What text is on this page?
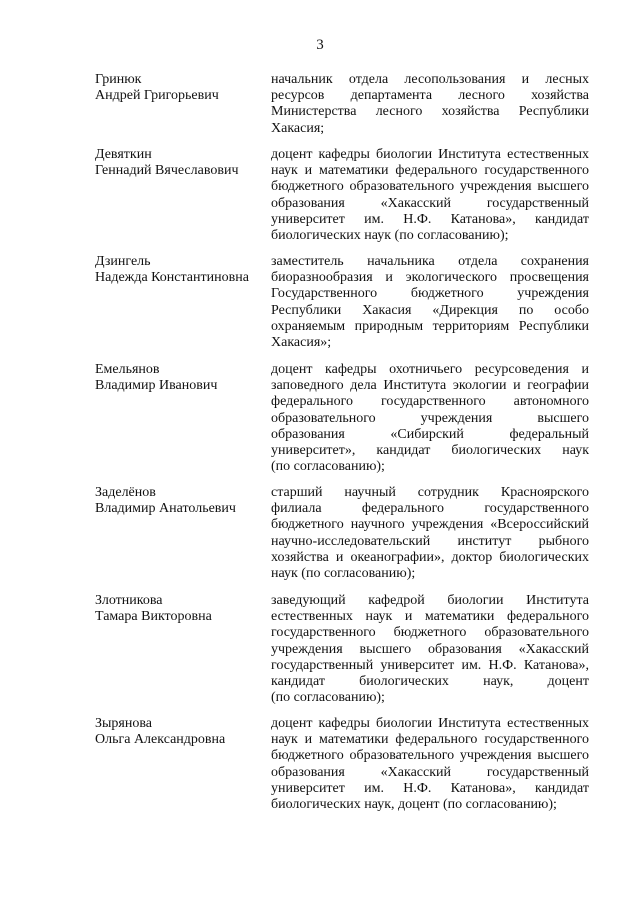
3
Гринюк
Андрей Григорьевич
начальник отдела лесопользования и лесных
ресурсов департамента лесного хозяйства
Министерства лесного хозяйства Республики
Хакасия;
Девяткин
Геннадий Вячеславович
доцент кафедры биологии Института естественных
наук и математики федерального государственного
бюджетного образовательного учреждения высшего
образования «Хакасский государственный
университет им. Н.Ф. Катанова», кандидат
биологических наук (по согласованию);
Дзингель
Надежда Константиновна
заместитель начальника отдела сохранения
биоразнообразия и экологического просвещения
Государственного бюджетного учреждения
Республики Хакасия «Дирекция по особо
охраняемым природным территориям Республики
Хакасия»;
Емельянов
Владимир Иванович
доцент кафедры охотничьего ресурсоведения и
заповедного дела Института экологии и географии
федерального государственного автономного
образовательного учреждения высшего
образования «Сибирский федеральный
университет», кандидат биологических наук
(по согласованию);
Заделёнов
Владимир Анатольевич
старший научный сотрудник Красноярского
филиала федерального государственного
бюджетного научного учреждения «Всероссийский
научно-исследовательский институт рыбного
хозяйства и океанографии», доктор биологических
наук (по согласованию);
Злотникова
Тамара Викторовна
заведующий кафедрой биологии Института
естественных наук и математики федерального
государственного бюджетного образовательного
учреждения высшего образования «Хакасский
государственный университет им. Н.Ф. Катанова»,
кандидат биологических наук, доцент
(по согласованию);
Зырянова
Ольга Александровна
доцент кафедры биологии Института естественных
наук и математики федерального государственного
бюджетного образовательного учреждения высшего
образования «Хакасский государственный
университет им. Н.Ф. Катанова», кандидат
биологических наук, доцент (по согласованию);
